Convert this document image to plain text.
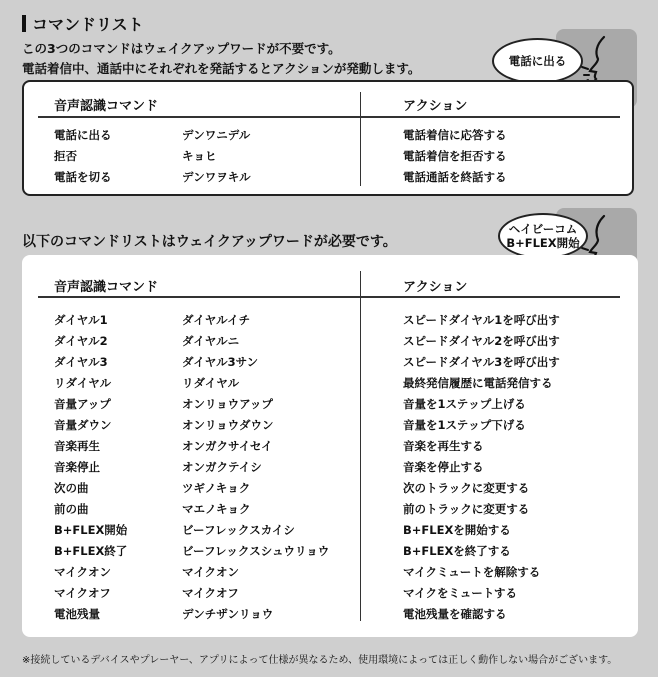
コマンドリスト
この3つのコマンドはウェイクアップワードが不要です。
電話着信中、通話中にそれぞれを発話するとアクションが発動します。
電話に出る
音声認識コマンド	アクション
電話に出る	デンワニデル	電話着信に応答する
拒否	キョヒ	電話着信を拒否する
電話を切る	デンワヲキル	電話通話を終話する
以下のコマンドリストはウェイクアップワードが必要です。
ヘイビーコム
B+FLEX開始
音声認識コマンド	アクション
ダイヤル1	ダイヤルイチ	スピードダイヤル1を呼び出す
ダイヤル2	ダイヤルニ	スピードダイヤル2を呼び出す
ダイヤル3	ダイヤル3サン	スピードダイヤル3を呼び出す
リダイヤル	リダイヤル	最終発信履歴に電話発信する
音量アップ	オンリョウアップ	音量を1ステップ上げる
音量ダウン	オンリョウダウン	音量を1ステップ下げる
音楽再生	オンガクサイセイ	音楽を再生する
音楽停止	オンガクテイシ	音楽を停止する
次の曲	ツギノキョク	次のトラックに変更する
前の曲	マエノキョク	前のトラックに変更する
B+FLEX開始	ビーフレックスカイシ	B+FLEXを開始する
B+FLEX終了	ビーフレックスシュウリョウ	B+FLEXを終了する
マイクオン	マイクオン	マイクミュートを解除する
マイクオフ	マイクオフ	マイクをミュートする
電池残量	デンチザンリョウ	電池残量を確認する
※接続しているデバイスやプレーヤー、アプリによって仕様が異なるため、使用環境によっては正しく動作しない場合がございます。
